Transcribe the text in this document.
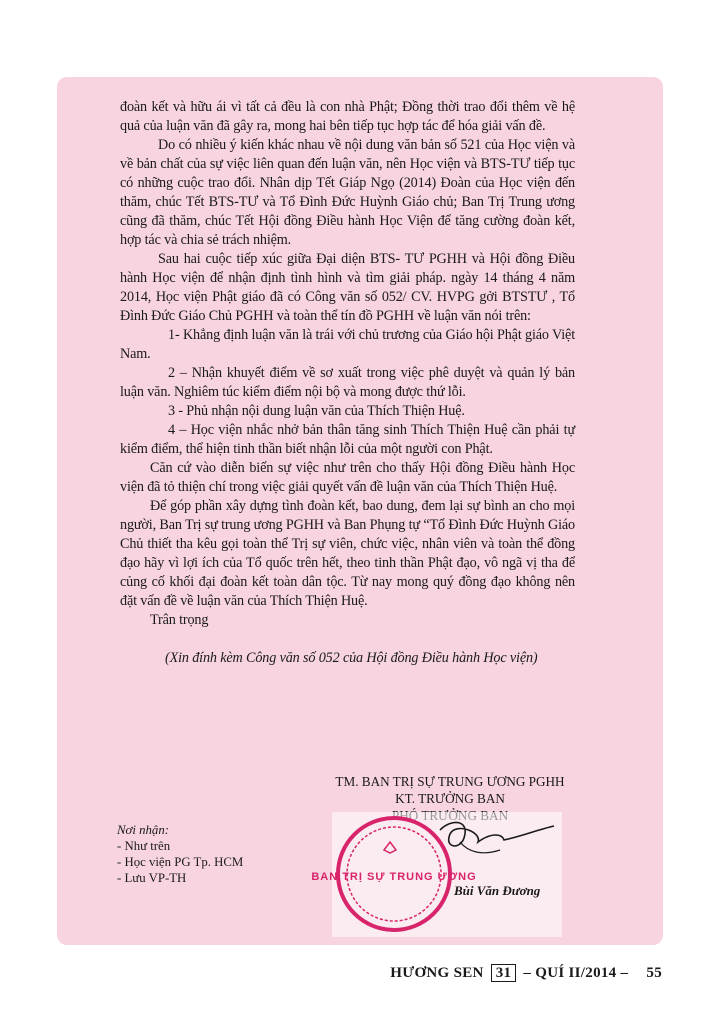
đoàn kết và hữu ái vì tất cả đều là con nhà Phật; Đồng thời trao đổi thêm về hệ quả của luận văn đã gây ra, mong hai bên tiếp tục hợp tác để hóa giải vấn đề.

Do có nhiều ý kiến khác nhau về nội dung văn bản số 521 của Học viện và về bản chất của sự việc liên quan đến luận văn, nên Học viện và BTS-TƯ tiếp tục có những cuộc trao đổi. Nhân dịp Tết Giáp Ngọ (2014) Đoàn của Học viện đến thăm, chúc Tết BTS-TƯ và Tổ Đình Đức Huỳnh Giáo chủ; Ban Trị Trung ương cũng đã thăm, chúc Tết Hội đồng Điều hành Học Viện để tăng cường đoàn kết, hợp tác và chia sẻ trách nhiệm.

Sau hai cuộc tiếp xúc giữa Đại diện BTS- TƯ PGHH và Hội đồng Điều hành Học viện để nhận định tình hình và tìm giải pháp. ngày 14 tháng 4 năm 2014, Học viện Phật giáo đã có Công văn số 052/ CV. HVPG gởi BTSTƯ , Tổ Đình Đức Giáo Chủ PGHH và toàn thể tín đồ PGHH về luận văn nói trên:

1- Khẳng định luận văn là trái với chủ trương của Giáo hội Phật giáo Việt Nam.

2 – Nhận khuyết điểm về sơ xuất trong việc phê duyệt và quản lý bản luận văn. Nghiêm túc kiểm điểm nội bộ và mong được thứ lỗi.

3 - Phủ nhận nội dung luận văn của Thích Thiện Huệ.

4 – Học viện nhắc nhở bản thân tăng sinh Thích Thiện Huệ cần phải tự kiểm điểm, thể hiện tinh thần biết nhận lỗi của một người con Phật.

Căn cứ vào diễn biến sự việc như trên cho thấy Hội đồng Điều hành Học viện đã tỏ thiện chí trong việc giải quyết vấn đề luận văn của Thích Thiện Huệ.

Để góp phần xây dựng tình đoàn kết, bao dung, đem lại sự bình an cho mọi người, Ban Trị sự trung ương PGHH và Ban Phụng tự “Tổ Đình Đức Huỳnh Giáo Chủ thiết tha kêu gọi toàn thể Trị sự viên, chức việc, nhân viên và toàn thể đồng đạo hãy vì lợi ích của Tổ quốc trên hết, theo tinh thần Phật đạo, vô ngã vị tha để củng cố khối đại đoàn kết toàn dân tộc. Từ nay mong quý đồng đạo không nên đặt vấn đề về luận văn của Thích Thiện Huệ.

Trân trọng

(Xin đính kèm Công văn số 052 của Hội đồng Điều hành Học viện)

TM. BAN TRỊ SỰ TRUNG ƯƠNG PGHH
KT. TRƯỞNG BAN
BAN TRỊ SỰ TRUNG ƯƠNG
Bùi Văn Đương
Nơi nhận:
- Như trên
- Học viện PG Tp. HCM
- Lưu VP-TH
HƯƠNG SEN 31 – QUÍ II/2014 – 55
